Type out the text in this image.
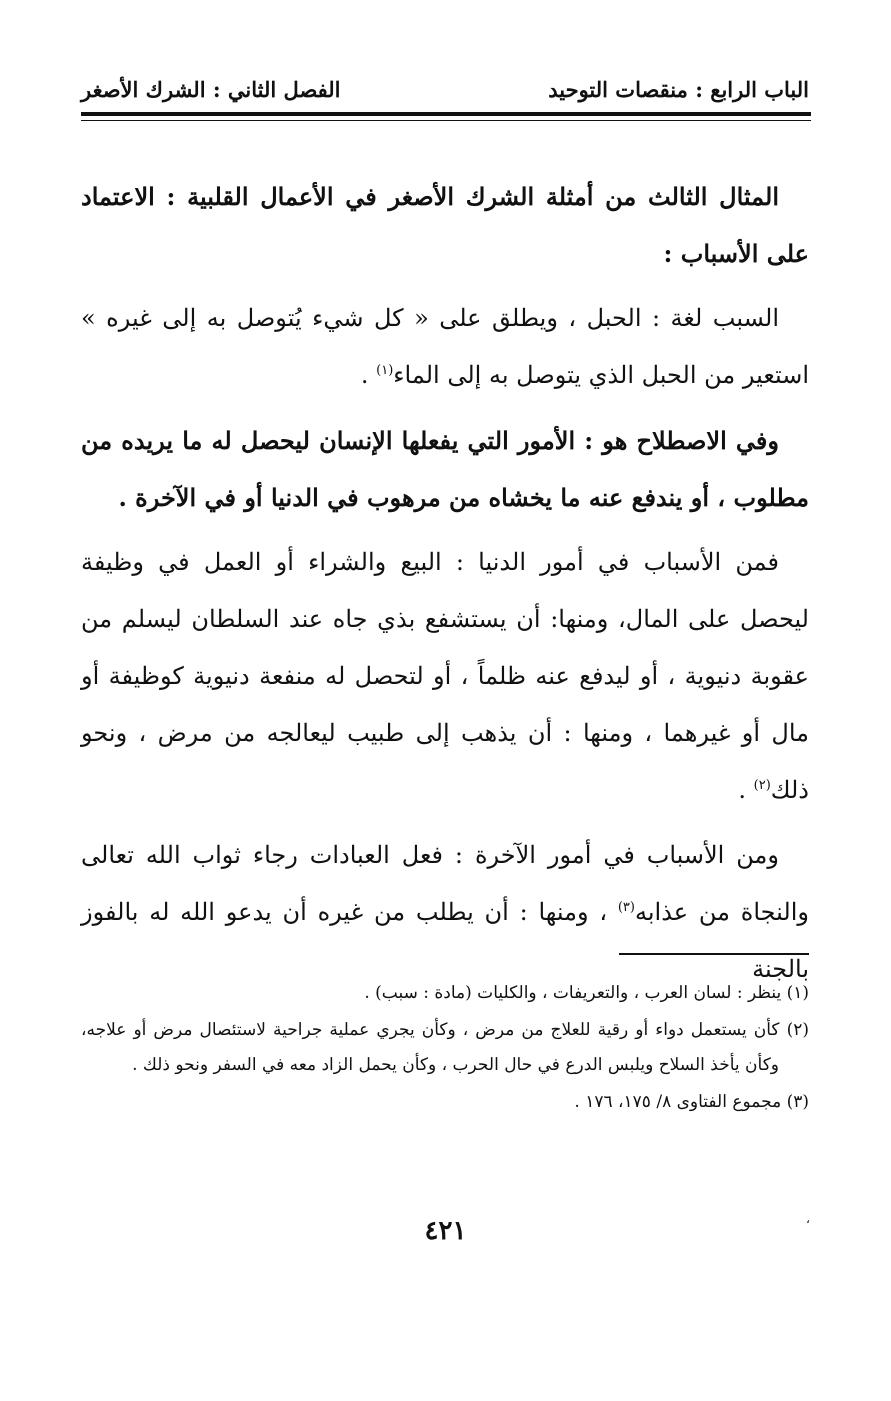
الباب الرابع : منقصات التوحيد
الفصل الثاني : الشرك الأصغر

المثال الثالث من أمثلة الشرك الأصغر في الأعمال القلبية : الاعتماد على الأسباب :

السبب لغة : الحبل ، ويطلق على « كل شيء يُتوصل به إلى غيره » استعير من الحبل الذي يتوصل به إلى الماء$^{(١)}$ .

وفي الاصطلاح هو : الأمور التي يفعلها الإنسان ليحصل له ما يريده من مطلوب ، أو يندفع عنه ما يخشاه من مرهوب في الدنيا أو في الآخرة .

فمن الأسباب في أمور الدنيا : البيع والشراء أو العمل في وظيفة ليحصل على المال، ومنها: أن يستشفع بذي جاه عند السلطان ليسلم من عقوبة دنيوية ، أو ليدفع عنه ظلماً ، أو لتحصل له منفعة دنيوية كوظيفة أو مال أو غيرهما ، ومنها : أن يذهب إلى طبيب ليعالجه من مرض ، ونحو ذلك$^{(٢)}$ .

ومن الأسباب في أمور الآخرة : فعل العبادات رجاء ثواب الله تعالى والنجاة من عذابه$^{(٣)}$ ، ومنها : أن يطلب من غيره أن يدعو الله له بالفوز بالجنة

(١) ينظر : لسان العرب ، والتعريفات ، والكليات (مادة : سبب) .

(٢) كأن يستعمل دواء أو رقية للعلاج من مرض ، وكأن يجري عملية جراحية لاستئصال مرض أو علاجه، وكأن يأخذ السلاح ويلبس الدرع في حال الحرب ، وكأن يحمل الزاد معه في السفر ونحو ذلك .

(٣) مجموع الفتاوى ٨/ ١٧٥، ١٧٦ .

٤٢١	،
